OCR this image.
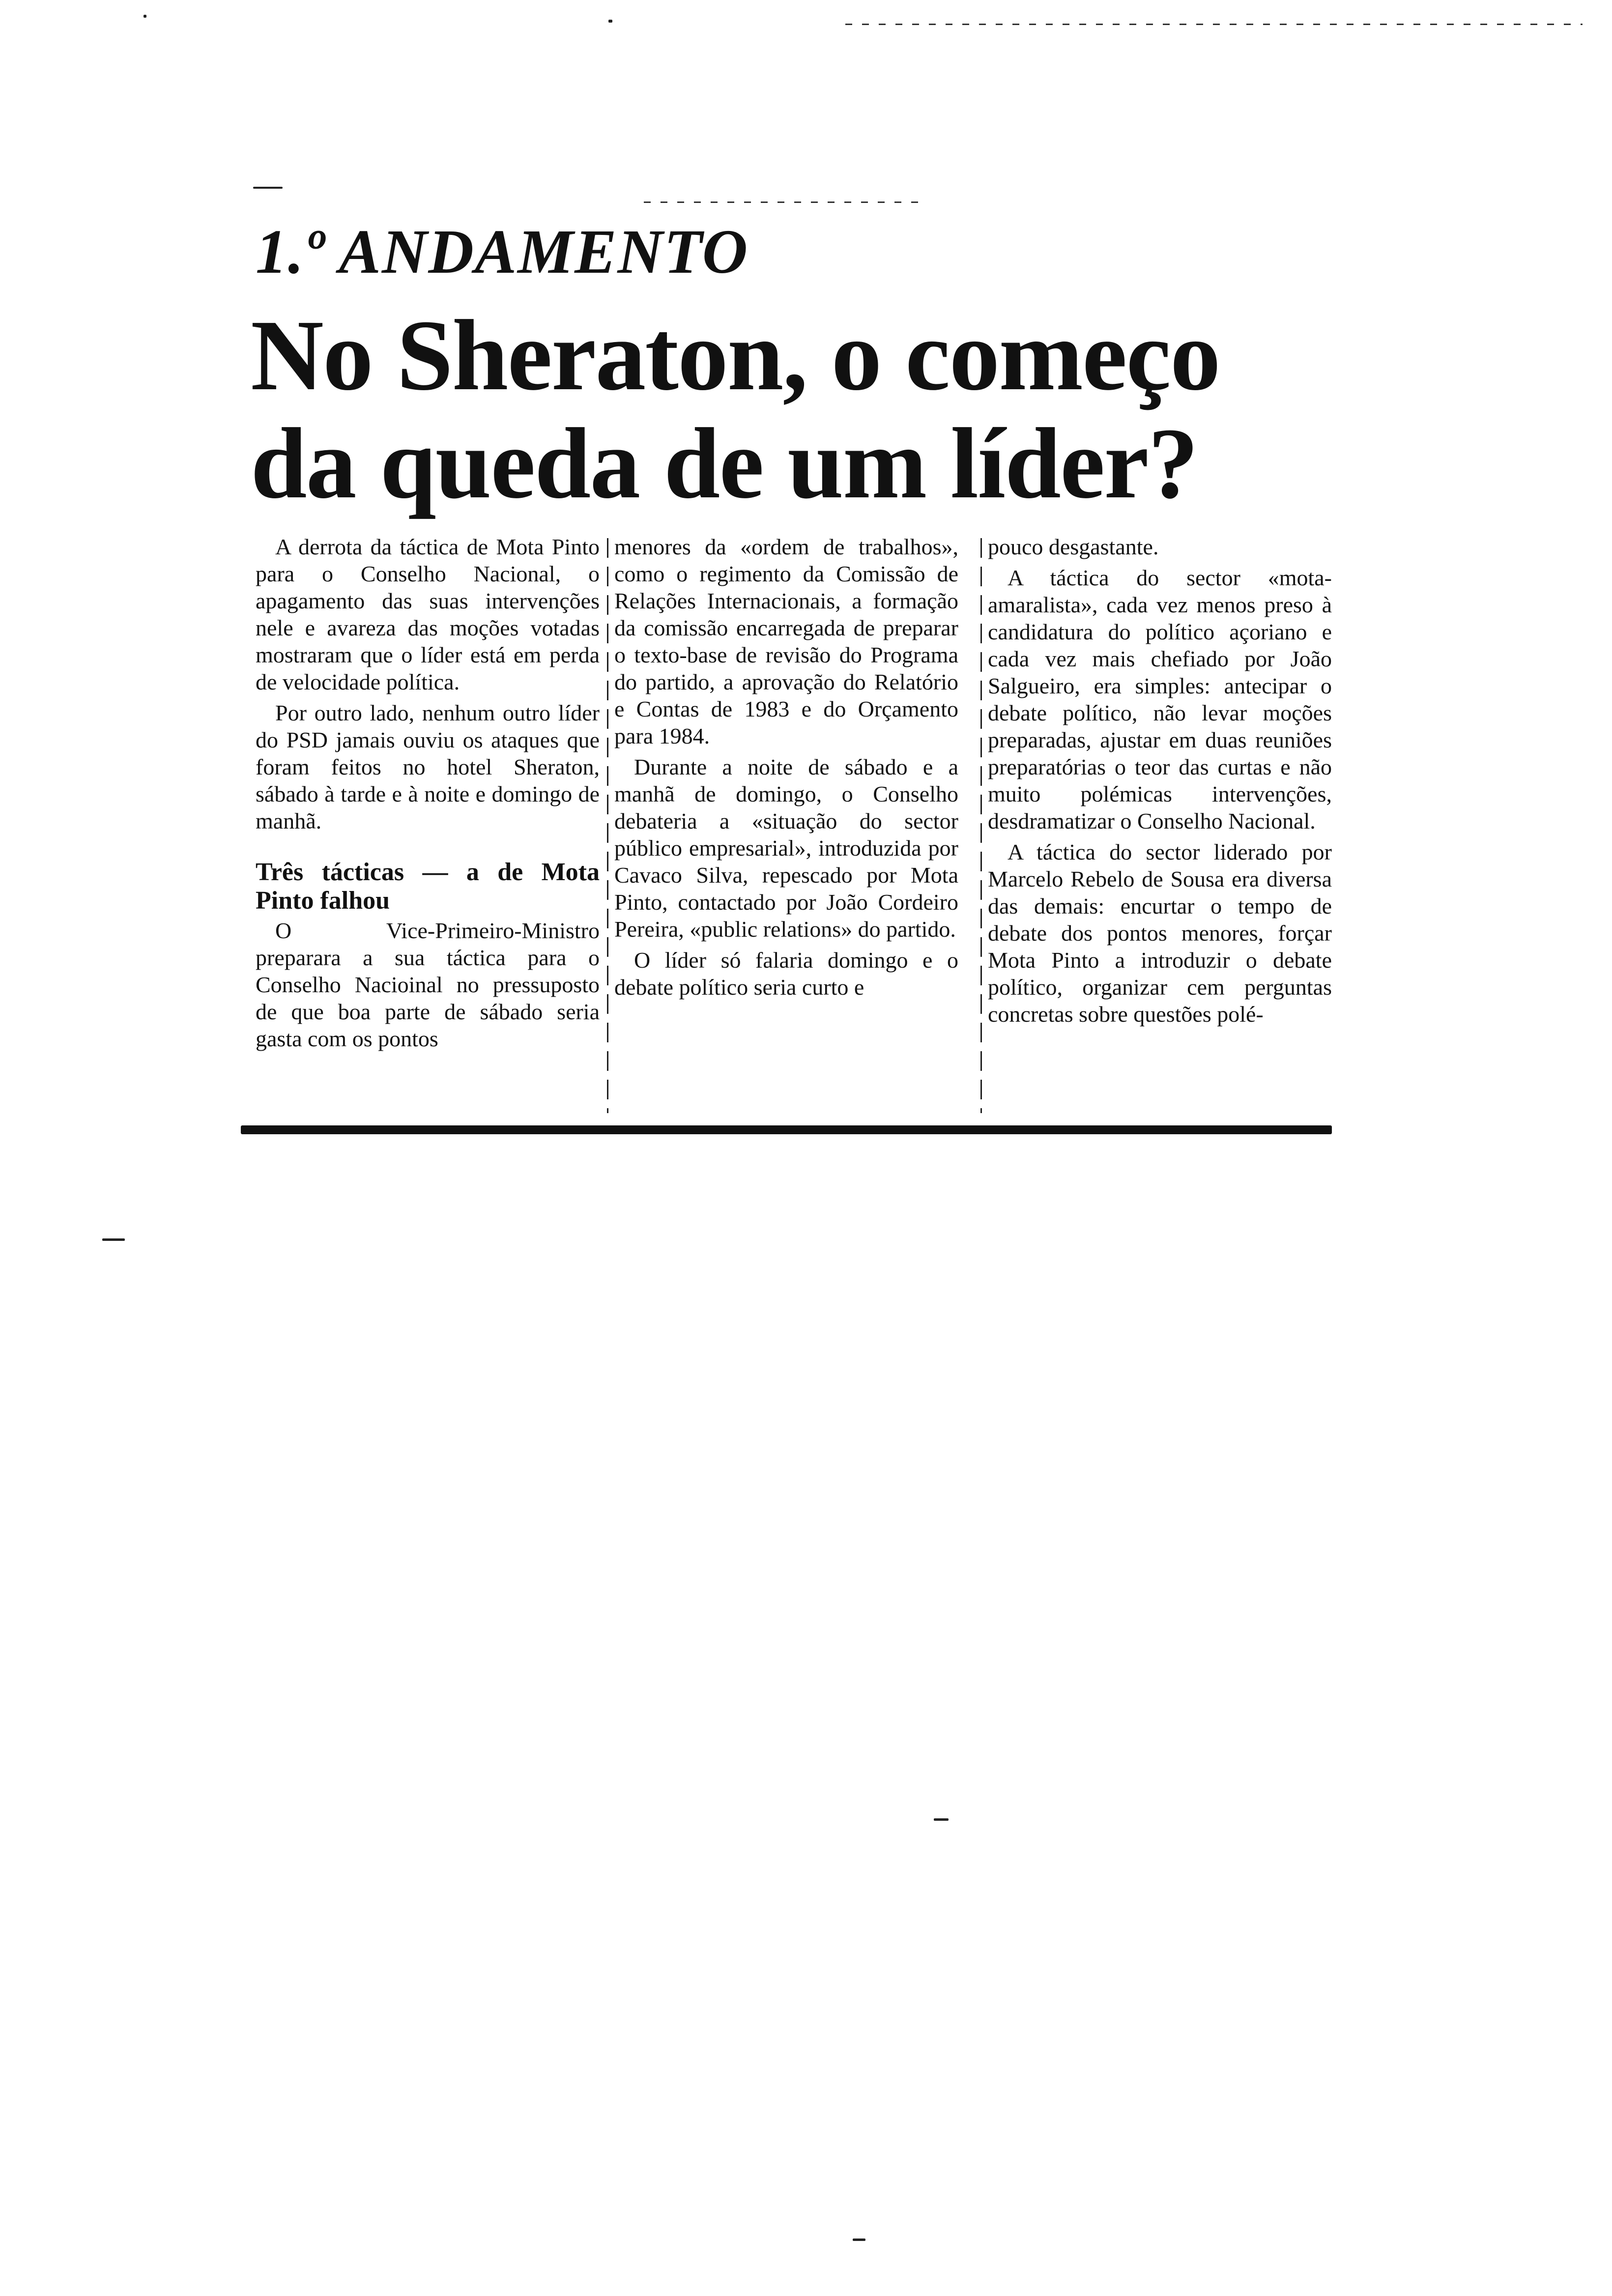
1.º ANDAMENTO
No Sheraton, o começo
da queda de um líder?

A derrota da táctica de Mota Pinto para o Conselho Nacional, o apagamento das suas intervenções nele e avareza das moções votadas mostraram que o líder está em perda de velocidade política.

Por outro lado, nenhum outro líder do PSD jamais ouviu os ataques que foram feitos no hotel Sheraton, sábado à tarde e à noite e domingo de manhã.

Três tácticas — a de Mota Pinto falhou

O Vice-Primeiro-Ministro preparara a sua táctica para o Conselho Nacioinal no pressuposto de que boa parte de sábado seria gasta com os pontos

menores da «ordem de trabalhos», como o regimento da Comissão de Relações Internacionais, a formação da comissão encarregada de preparar o texto-base de revisão do Programa do partido, a aprovação do Relatório e Contas de 1983 e do Orçamento para 1984.

Durante a noite de sábado e a manhã de domingo, o Conselho debateria a «situação do sector público empresarial», introduzida por Cavaco Silva, repescado por Mota Pinto, contactado por João Cordeiro Pereira, «public relations» do partido.

O líder só falaria domingo e o debate político seria curto e

pouco desgastante.

A táctica do sector «mota-amaralista», cada vez menos preso à candidatura do político açoriano e cada vez mais chefiado por João Salgueiro, era simples: antecipar o debate político, não levar moções preparadas, ajustar em duas reuniões preparatórias o teor das curtas e não muito polémicas intervenções, desdramatizar o Conselho Nacional.

A táctica do sector liderado por Marcelo Rebelo de Sousa era diversa das demais: encurtar o tempo de debate dos pontos menores, forçar Mota Pinto a introduzir o debate político, organizar cem perguntas concretas sobre questões polé-
